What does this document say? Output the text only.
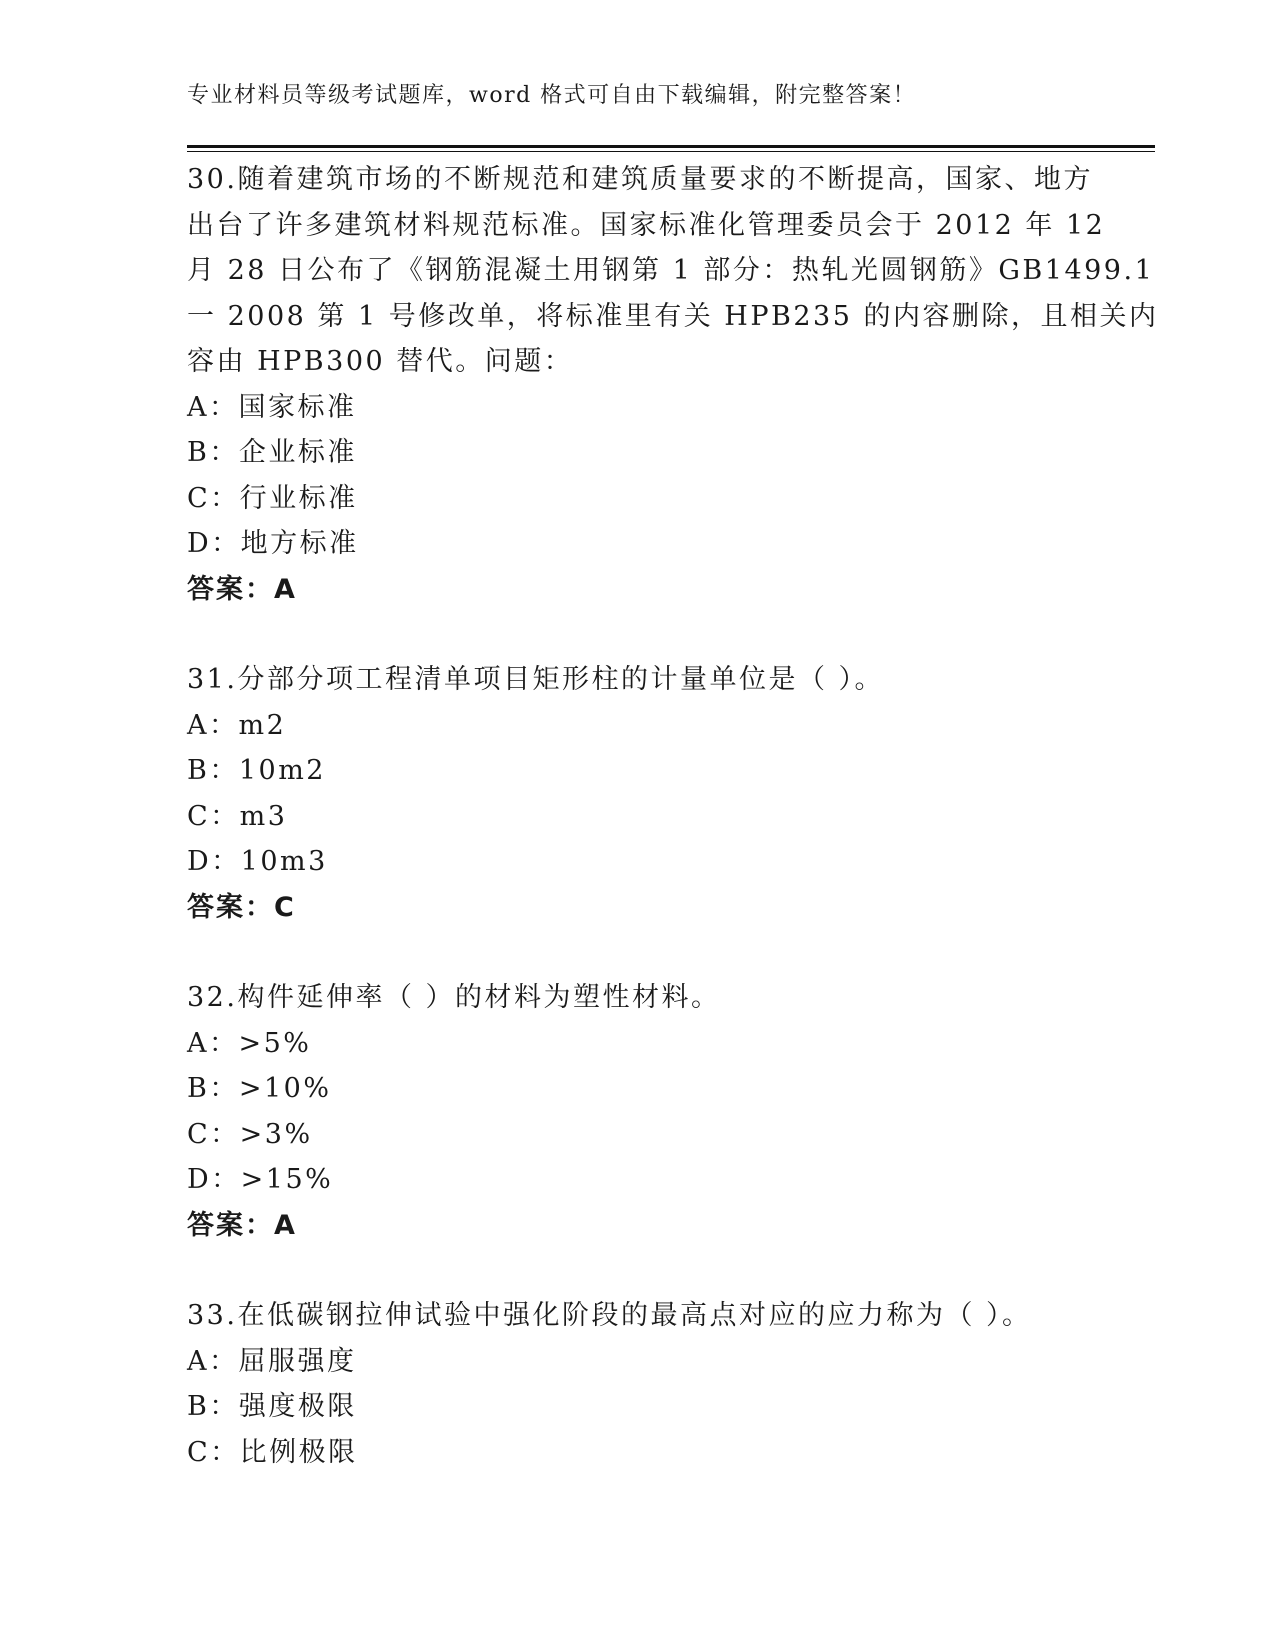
专业材料员等级考试题库，word 格式可自由下载编辑，附完整答案！
30.随着建筑市场的不断规范和建筑质量要求的不断提高，国家、地方
出台了许多建筑材料规范标准。国家标准化管理委员会于 2012 年 12
月 28 日公布了《钢筋混凝土用钢第 1 部分：热轧光圆钢筋》GB1499.1
一 2008 第 1 号修改单，将标准里有关 HPB235 的内容删除，且相关内
容由 HPB300 替代。问题：
A：国家标准
B：企业标准
C：行业标准
D：地方标准
答案：A
31.分部分项工程清单项目矩形柱的计量单位是（ ）。
A：m2
B：10m2
C：m3
D：10m3
答案：C
32.构件延伸率（ ）的材料为塑性材料。
A：>5%
B：>10%
C：>3%
D：>15%
答案：A
33.在低碳钢拉伸试验中强化阶段的最高点对应的应力称为（ ）。
A：屈服强度
B：强度极限
C：比例极限
